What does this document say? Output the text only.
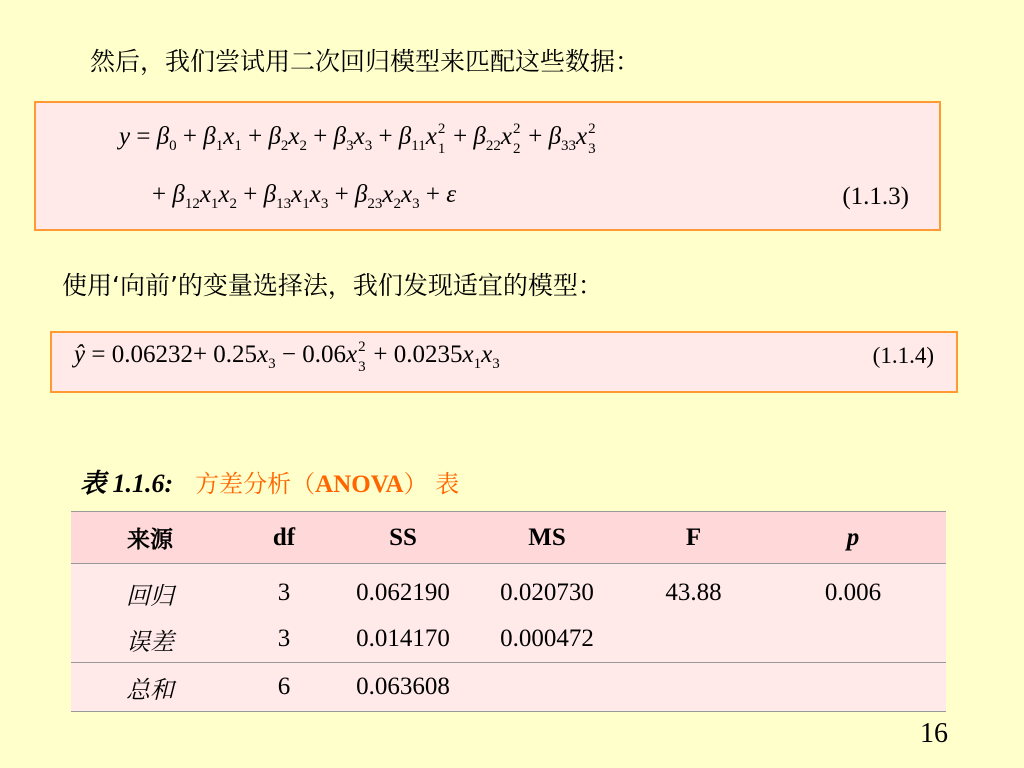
然后，我们尝试用二次回归模型来匹配这些数据：
$y = \beta_0 + \beta_1x_1 + \beta_2x_2 + \beta_3x_3 + \beta_{11}x$ 2
$1 + \beta_{22}x$ 2
$2 + \beta_{33}x$ 2
3
+ $\beta_{12}x_1x_2 + \beta_{13}x_1x_3 + \beta_{23}x_2x_3 + \varepsilon$	(1.1.3)
使用‘向前’的变量选择法，我们发现适宜的模型：
ŷ = $0.06232+ 0.25x_3 - 0.06x$ 2
$3 + 0.0235x_1x_3$	(1.1.4)
表 1.1.6: 方差分析（ANOVA） 表
来源	df	SS	MS	F	p
回归	3	0.062190	0.020730	43.88	0.006
误差	3	0.014170	0.000472		
总和	6	0.063608			
16
